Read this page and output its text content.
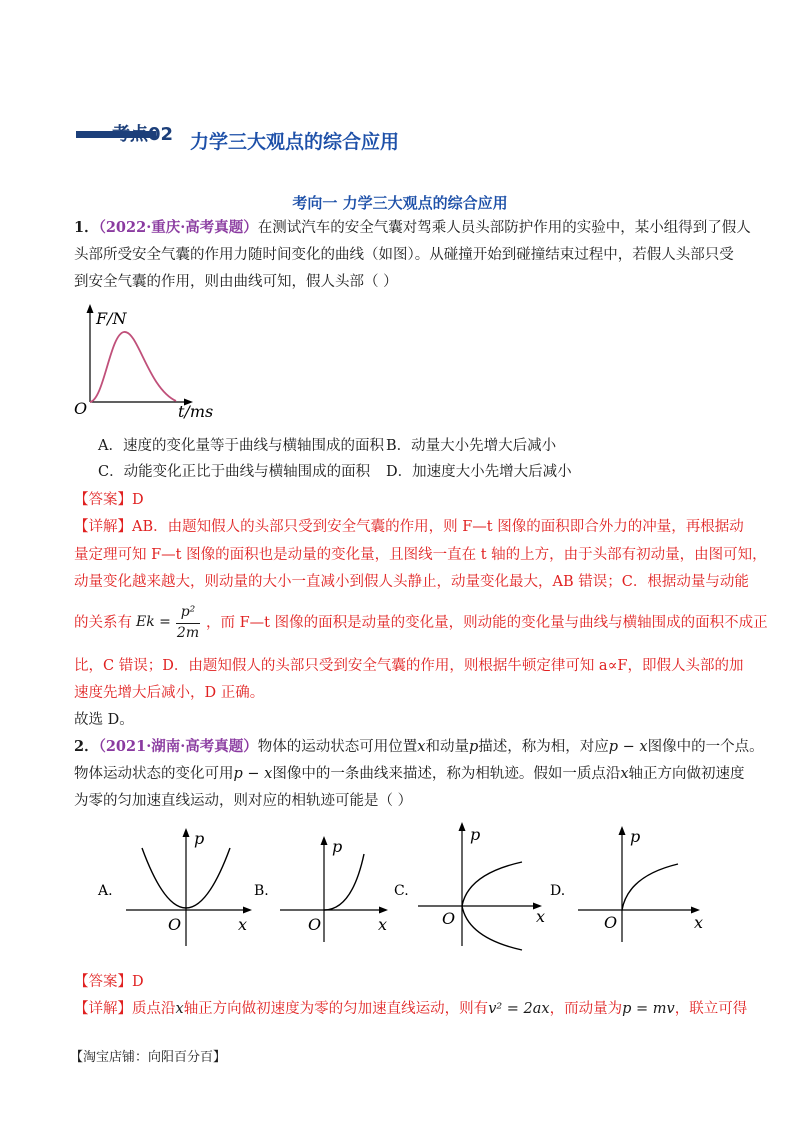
考点02 力学三大观点的综合应用
考向一 力学三大观点的综合应用
1．（2022·重庆·高考真题）在测试汽车的安全气囊对驾乘人员头部防护作用的实验中，某小组得到了假人
头部所受安全气囊的作用力随时间变化的曲线（如图）。从碰撞开始到碰撞结束过程中，若假人头部只受
到安全气囊的作用，则由曲线可知，假人头部（ ）
F/N
O	t/ms
A．速度的变化量等于曲线与横轴围成的面积 B．动量大小先增大后减小
C．动能变化正比于曲线与横轴围成的面积 D．加速度大小先增大后减小
【答案】D
【详解】AB．由题知假人的头部只受到安全气囊的作用，则 F—t 图像的面积即合外力的冲量，再根据动
量定理可知 F—t 图像的面积也是动量的变化量，且图线一直在 t 轴的上方，由于头部有初动量，由图可知，
动量变化越来越大，则动量的大小一直减小到假人头静止，动量变化最大，AB 错误；C．根据动量与动能
的关系有 Ek =
p²
2m
，而 F—t 图像的面积是动量的变化量，则动能的变化量与曲线与横轴围成的面积不成正
比，C 错误；D．由题知假人的头部只受到安全气囊的作用，则根据牛顿定律可知 a∝F，即假人头部的加
速度先增大后减小，D 正确。
故选 D。
2．（2021·湖南·高考真题）物体的运动状态可用位置x和动量p描述，称为相，对应p − x图像中的一个点。
物体运动状态的变化可用p − x图像中的一条曲线来描述，称为相轨迹。假如一质点沿x轴正方向做初速度
为零的匀加速直线运动，则对应的相轨迹可能是（ ）
A.
p
x
O
B.
p
x
O
C.
p
x
O
D.
p
x
O
【答案】D
【详解】质点沿x轴正方向做初速度为零的匀加速直线运动，则有v² = 2ax，而动量为p = mv，联立可得
【淘宝店铺：向阳百分百】
